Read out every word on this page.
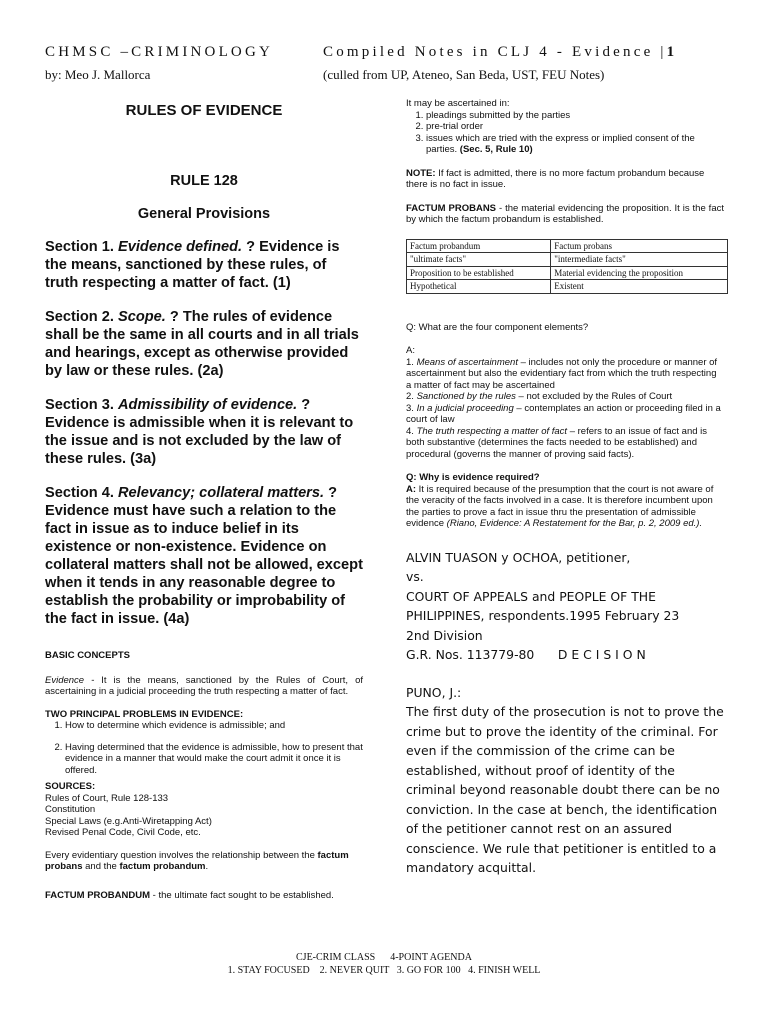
CHMSC –CRIMINOLOGY	Compiled Notes in CLJ 4 - Evidence |1
by: Meo J. Mallorca	(culled from UP, Ateneo, San Beda, UST, FEU Notes)

RULES OF EVIDENCE

RULE 128

General Provisions

Section 1. Evidence defined. ? Evidence is the means, sanctioned by these rules, of truth respecting a matter of fact. (1)

Section 2. Scope. ? The rules of evidence shall be the same in all courts and in all trials and hearings, except as otherwise provided by law or these rules. (2a)

Section 3. Admissibility of evidence. ? Evidence is admissible when it is relevant to the issue and is not excluded by the law of these rules. (3a)

Section 4. Relevancy; collateral matters. ? Evidence must have such a relation to the fact in issue as to induce belief in its existence or non-existence. Evidence on collateral matters shall not be allowed, except when it tends in any reasonable degree to establish the probability or improbability of the fact in issue. (4a)

BASIC CONCEPTS

Evidence - It is the means, sanctioned by the Rules of Court, of ascertaining in a judicial proceeding the truth respecting a matter of fact.

TWO PRINCIPAL PROBLEMS IN EVIDENCE:

1. How to determine which evidence is admissible; and
2. Having determined that the evidence is admissible, how to present that evidence in a manner that would make the court admit it once it is offered.

SOURCES:

Rules of Court, Rule 128-133

Constitution

Special Laws (e.g.Anti-Wiretapping Act)

Revised Penal Code, Civil Code, etc.

Every evidentiary question involves the relationship between the factum probans and the factum probandum.

FACTUM PROBANDUM - the ultimate fact sought to be established.

It may be ascertained in:

1. pleadings submitted by the parties
2. pre-trial order
3. issues which are tried with the express or implied consent of the parties. (Sec. 5, Rule 10)

NOTE: If fact is admitted, there is no more factum probandum because there is no fact in issue.

FACTUM PROBANS - the material evidencing the proposition. It is the fact by which the factum probandum is established.

Factum probandum	Factum probans
"ultimate facts"	"intermediate facts"
Proposition to be established	Material evidencing the proposition
Hypothetical	Existent

Q: What are the four component elements?

A:

1. Means of ascertainment – includes not only the procedure or manner of ascertainment but also the evidentiary fact from which the truth respecting a matter of fact may be ascertained

2. Sanctioned by the rules – not excluded by the Rules of Court

3. In a judicial proceeding – contemplates an action or proceeding filed in a court of law

4. The truth respecting a matter of fact – refers to an issue of fact and is both substantive (determines the facts needed to be established) and procedural (governs the manner of proving said facts).

Q: Why is evidence required?

A: It is required because of the presumption that the court is not aware of the veracity of the facts involved in a case. It is therefore incumbent upon the parties to prove a fact in issue thru the presentation of admissible evidence (Riano, Evidence: A Restatement for the Bar, p. 2, 2009 ed.).

ALVIN TUASON y OCHOA, petitioner,

vs.

COURT OF APPEALS and PEOPLE OF THE

PHILIPPINES, respondents.1995 February 23

2nd Division

G.R. Nos. 113779-80      D E C I S I O N

PUNO, J.:

The first duty of the prosecution is not to prove the crime but to prove the identity of the criminal. For even if the commission of the crime can be established, without proof of identity of the criminal beyond reasonable doubt there can be no conviction. In the case at bench, the identification of the petitioner cannot rest on an assured conscience. We rule that petitioner is entitled to a mandatory acquittal.

CJE-CRIM CLASS      4-POINT AGENDA
1. STAY FOCUSED    2. NEVER QUIT   3. GO FOR 100   4. FINISH WELL
